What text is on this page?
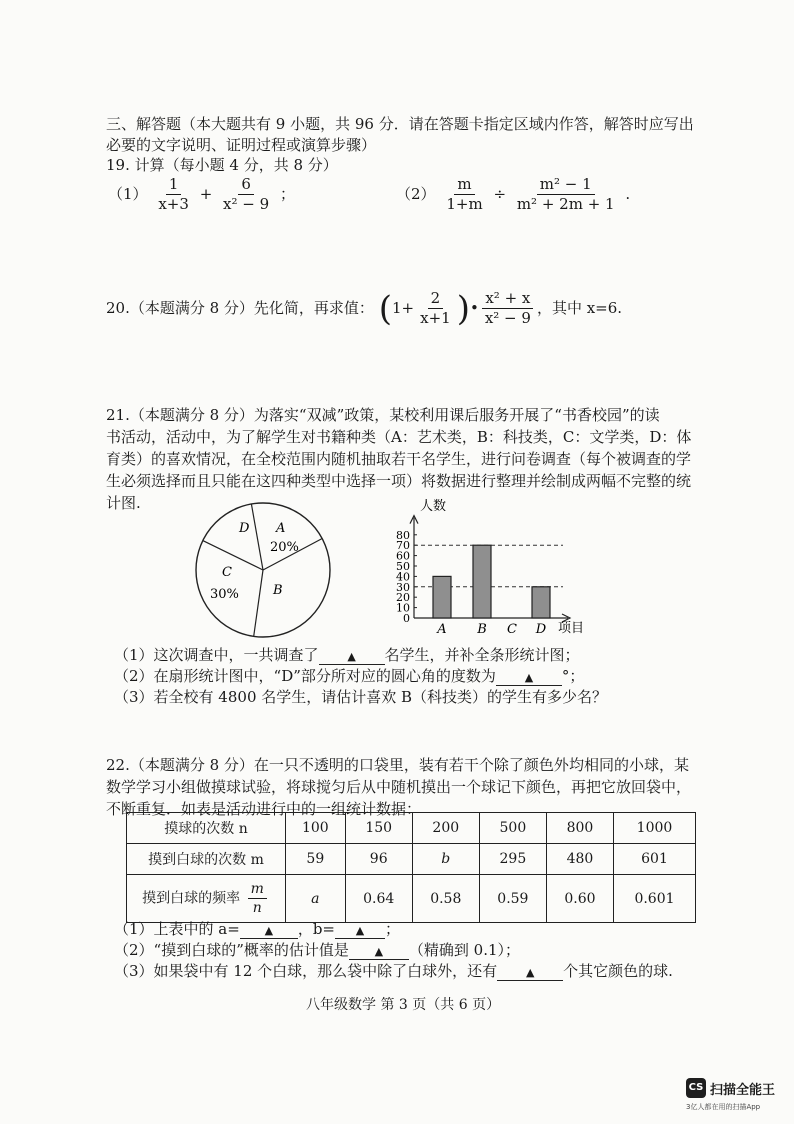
三、解答题（本大题共有 9 小题，共 96 分．请在答题卡指定区域内作答，解答时应写出
必要的文字说明、证明过程或演算步骤）
19. 计算（每小题 4 分，共 8 分）
$(1) \frac{1}{x+3} + \frac{6}{\text{x² − 9}}$ ；	$(2) \frac{m}{1+m} \div \frac{\text{m² − 1}}{\text{m² + 2m + 1}}$ .
20.（本题满分 8 分）先化简，再求值： ($1+ \frac{2}{x+1}$ )• $\frac{\text{x² + x}}{\text{x² − 9}}$ ，其中 x=6.
21.（本题满分 8 分）为落实“双减”政策，某校利用课后服务开展了“书香校园”的读
书活动，活动中，为了解学生对书籍种类（A：艺术类，B：科技类，C：文学类，D：体
育类）的喜欢情况，在全校范围内随机抽取若干名学生，进行问卷调查（每个被调查的学
生必须选择而且只能在这四种类型中选择一项）将数据进行整理并绘制成两幅不完整的统
计图.
D A
20%
C
30%	B
0
10
20
30
40
50
60
70
80
人数
项目
A B C D
（1）这次调查中，一共调查了	▲ 名学生，并补全条形统计图；
（2）在扇形统计图中，“D”部分所对应的圆心角的度数为	▲ °；
（3）若全校有 4800 名学生，请估计喜欢 B（科技类）的学生有多少名？
22.（本题满分 8 分）在一只不透明的口袋里，装有若干个除了颜色外均相同的小球，某
数学学习小组做摸球试验，将球搅匀后从中随机摸出一个球记下颜色，再把它放回袋中，
不断重复．如表是活动进行中的一组统计数据：
摸球的次数 n	100	150	200	500	800	1000
摸到白球的次数 m	59	96	b	295	480	601
摸到白球的频率 $\frac{m}{n}$	a	0.64	0.58	0.59	0.60	0.601
（1）上表中的 a= ▲ ，b= ▲ ；
（2）“摸到白球的”概率的估计值是 ▲ （精确到 0.1）；
（3）如果袋中有 12 个白球，那么袋中除了白球外，还有	▲ 个其它颜色的球.
八年级数学 第 3 页（共 6 页）
CS 扫描全能王
3亿人都在用的扫描App
